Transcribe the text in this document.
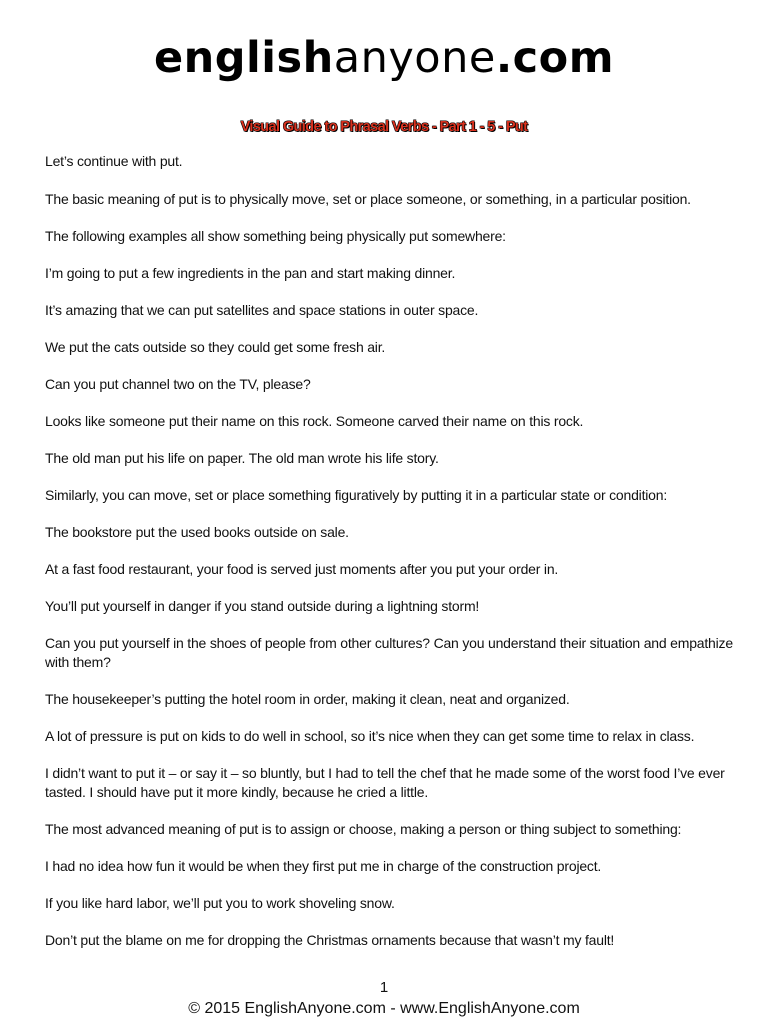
englishanyone.com
Visual Guide to Phrasal Verbs - Part 1 - 5 - Put

Let’s continue with put.

The basic meaning of put is to physically move, set or place someone, or something, in a particular position.

The following examples all show something being physically put somewhere:

I’m going to put a few ingredients in the pan and start making dinner.

It’s amazing that we can put satellites and space stations in outer space.

We put the cats outside so they could get some fresh air.

Can you put channel two on the TV, please?

Looks like someone put their name on this rock. Someone carved their name on this rock.

The old man put his life on paper. The old man wrote his life story.

Similarly, you can move, set or place something figuratively by putting it in a particular state or condition:

The bookstore put the used books outside on sale.

At a fast food restaurant, your food is served just moments after you put your order in.

You’ll put yourself in danger if you stand outside during a lightning storm!

Can you put yourself in the shoes of people from other cultures? Can you understand their situation and empathize with them?

The housekeeper’s putting the hotel room in order, making it clean, neat and organized.

A lot of pressure is put on kids to do well in school, so it’s nice when they can get some time to relax in class.

I didn’t want to put it – or say it – so bluntly, but I had to tell the chef that he made some of the worst food I’ve ever tasted. I should have put it more kindly, because he cried a little.

The most advanced meaning of put is to assign or choose, making a person or thing subject to something:

I had no idea how fun it would be when they first put me in charge of the construction project.

If you like hard labor, we’ll put you to work shoveling snow.

Don’t put the blame on me for dropping the Christmas ornaments because that wasn’t my fault!

1
© 2015 EnglishAnyone.com - www.EnglishAnyone.com
